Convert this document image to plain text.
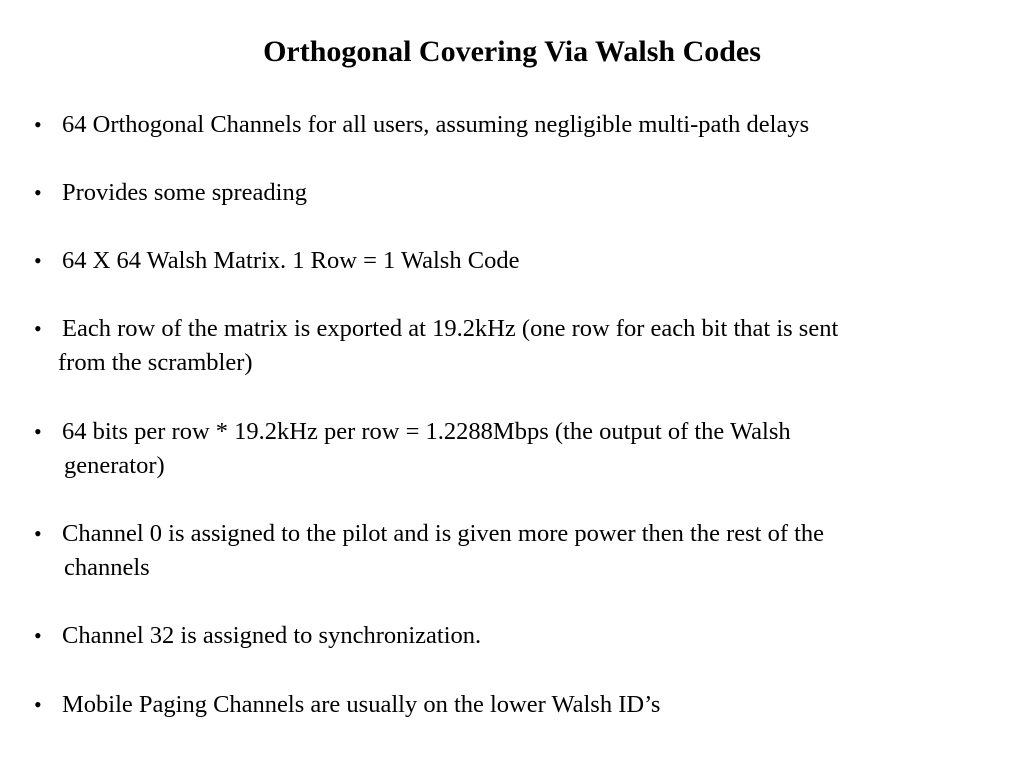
Orthogonal Covering Via Walsh Codes
• 64 Orthogonal Channels for all users, assuming negligible multi-path delays
• Provides some spreading
• 64 X 64 Walsh Matrix. 1 Row = 1 Walsh Code
• Each row of the matrix is exported at 19.2kHz (one row for each bit that is sent
from the scrambler)
• 64 bits per row * 19.2kHz per row = 1.2288Mbps (the output of the Walsh
generator)
• Channel 0 is assigned to the pilot and is given more power then the rest of the
channels
• Channel 32 is assigned to synchronization.
• Mobile Paging Channels are usually on the lower Walsh ID’s
